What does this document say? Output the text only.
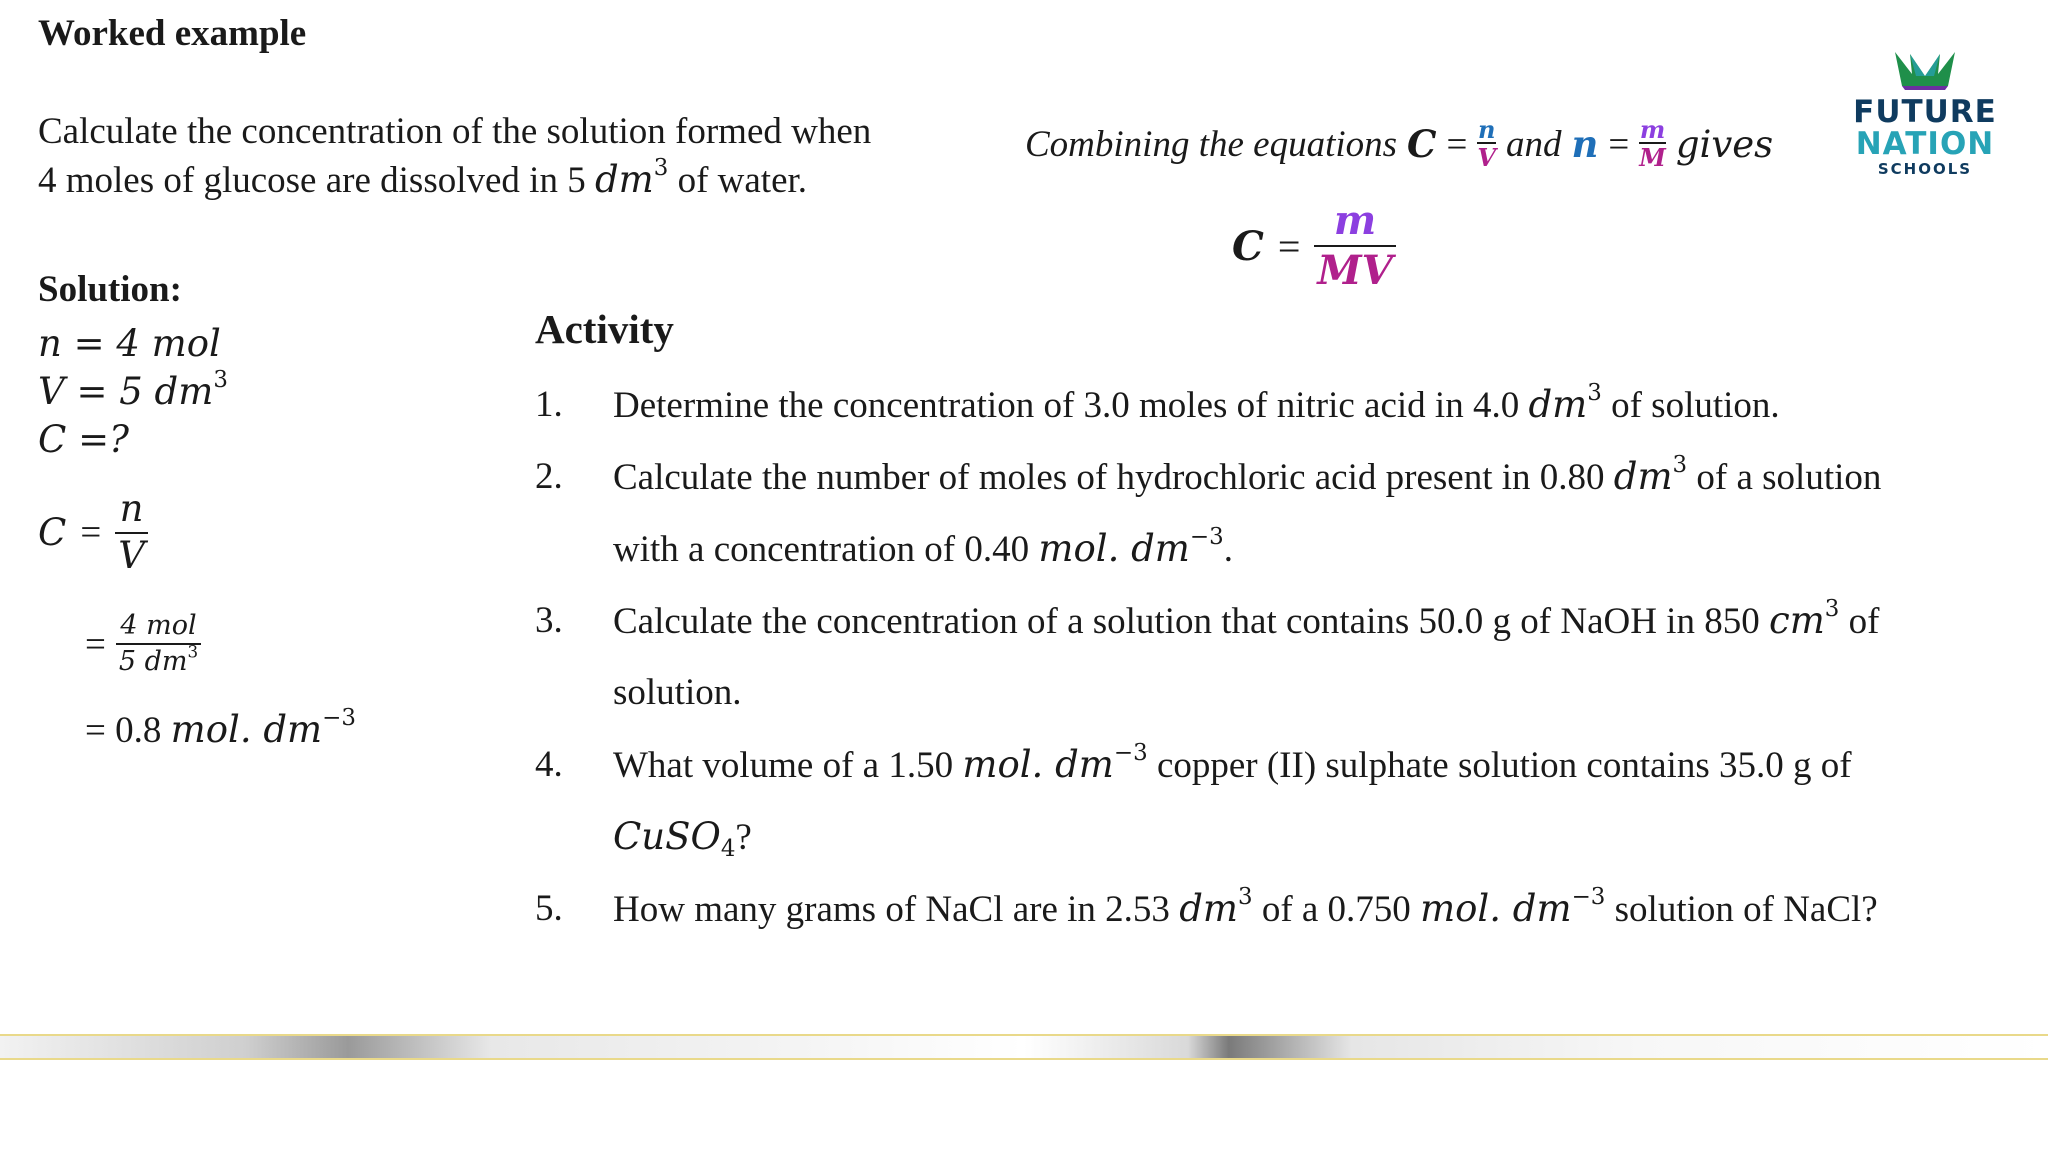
Worked example
Calculate the concentration of the solution formed when
4 moles of glucose are dissolved in 5 $dm^3$ of water.
Combining the equations $C = \frac{n}{V}$ and $n = \frac{m}{M}$ gives
$C = \frac{m}{MV}$
FUTURE
NATION
SCHOOLS
Solution:
n = 4 mol
V = 5 $dm^3$
C =?
$C = \frac{n}{V}$
= $\frac{\text{4 mol}}{5 dm^3}$
= 0.8 mol. $dm^{-3}$
Activity
1. Determine the concentration of 3.0 moles of nitric acid in 4.0 $dm^3$ of solution.
2. Calculate the number of moles of hydrochloric acid present in 0.80 $dm^3$ of a solution
with a concentration of 0.40 mol. $dm^{-3}$.
3. Calculate the concentration of a solution that contains 50.0 g of NaOH in 850 $cm^3$ of
solution.
4. What volume of a 1.50 mol. $dm^{-3}$ copper (II) sulphate solution contains 35.0 g of
CuSO$_4$?
5. How many grams of NaCl are in 2.53 $dm^3$ of a 0.750 mol. $dm^{-3}$ solution of NaCl?
